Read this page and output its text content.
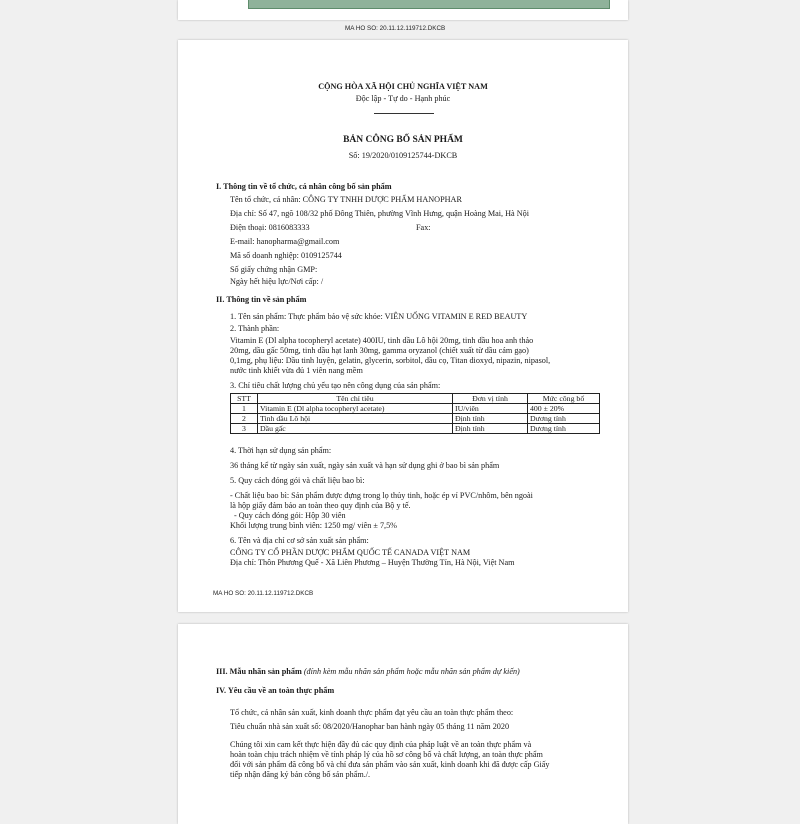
MA HO SO: 20.11.12.119712.DKCB
CỘNG HÒA XÃ HỘI CHỦ NGHĨA VIỆT NAM
Độc lập - Tự do - Hạnh phúc
BẢN CÔNG BỐ SẢN PHẨM
Số: 19/2020/0109125744-DKCB
I. Thông tin về tổ chức, cá nhân công bố sản phẩm
Tên tổ chức, cá nhân: CÔNG TY TNHH DƯỢC PHẨM HANOPHAR
Địa chỉ: Số 47, ngõ 108/32 phố Đông Thiên, phường Vĩnh Hưng, quận Hoàng Mai, Hà Nội
Điện thoại: 0816083333	Fax:
E-mail: hanopharma@gmail.com
Mã số doanh nghiệp: 0109125744
Số giấy chứng nhận GMP:
Ngày hết hiệu lực/Nơi cấp: /
II. Thông tin về sản phẩm
1. Tên sản phẩm: Thực phẩm bảo vệ sức khỏe: VIÊN UỐNG VITAMIN E RED BEAUTY
2. Thành phần:
Vitamin E (Dl alpha tocopheryl acetate) 400IU, tinh dầu Lô hội 20mg, tinh dầu hoa anh thảo
20mg, dầu gấc 50mg, tinh dầu hạt lanh 30mg, gamma oryzanol (chiết xuất từ dầu cám gạo)
0,1mg, phụ liệu: Dầu tinh luyện, gelatin, glycerin, sorbitol, dầu cọ, Titan dioxyd, nipazin, nipasol,
nước tinh khiết vừa đủ 1 viên nang mềm
3. Chỉ tiêu chất lượng chủ yếu tạo nên công dụng của sản phẩm:
STT	Tên chỉ tiêu	Đơn vị tính	Mức công bố
1	Vitamin E (Dl alpha tocopheryl acetate)	IU/viên	400 ± 20%
2	Tinh dầu Lô hội	Định tính	Dương tính
3	Dầu gấc	Định tính	Dương tính
4. Thời hạn sử dụng sản phẩm:
36 tháng kể từ ngày sản xuất, ngày sản xuất và hạn sử dụng ghi ở bao bì sản phẩm
5. Quy cách đóng gói và chất liệu bao bì:
- Chất liệu bao bì: Sản phẩm được đựng trong lọ thủy tinh, hoặc ép vỉ PVC/nhôm, bên ngoài
là hộp giấy đảm bảo an toàn theo quy định của Bộ y tế.
- Quy cách đóng gói: Hộp 30 viên
Khối lượng trung bình viên: 1250 mg/ viên ± 7,5%
6. Tên và địa chỉ cơ sở sản xuất sản phẩm:
CÔNG TY CỔ PHẦN DƯỢC PHẨM QUỐC TẾ CANADA VIỆT NAM
Địa chỉ: Thôn Phương Quế - Xã Liên Phương – Huyện Thường Tín, Hà Nội, Việt Nam
MA HO SO: 20.11.12.119712.DKCB
III. Mẫu nhãn sản phẩm (đính kèm mẫu nhãn sản phẩm hoặc mẫu nhãn sản phẩm dự kiến)
IV. Yêu cầu về an toàn thực phẩm
Tổ chức, cá nhân sản xuất, kinh doanh thực phẩm đạt yêu cầu an toàn thực phẩm theo:
Tiêu chuẩn nhà sản xuất số: 08/2020/Hanophar ban hành ngày 05 tháng 11 năm 2020
Chúng tôi xin cam kết thực hiện đầy đủ các quy định của pháp luật về an toàn thực phẩm và
hoàn toàn chịu trách nhiệm về tính pháp lý của hồ sơ công bố và chất lượng, an toàn thực phẩm
đối với sản phẩm đã công bố và chỉ đưa sản phẩm vào sản xuất, kinh doanh khi đã được cấp Giấy
tiếp nhận đăng ký bản công bố sản phẩm./.
